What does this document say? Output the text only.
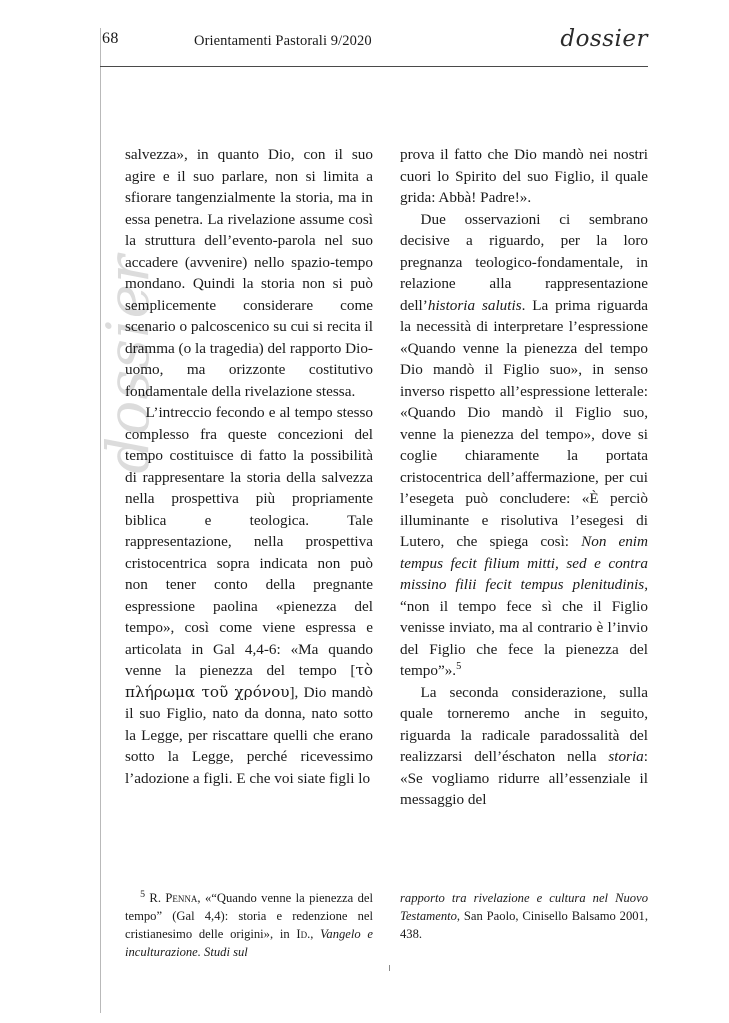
68	Orientamenti Pastorali 9/2020	dossier
dossier

salvezza», in quanto Dio, con il suo agire e il suo parlare, non si limita a sfiorare tangenzialmente la storia, ma in essa penetra. La rivelazione assume così la struttura dell’evento-parola nel suo accadere (avvenire) nello spazio-tempo mondano. Quindi la storia non si può semplicemente considerare come scenario o palcoscenico su cui si recita il dramma (o la tragedia) del rapporto Dio-uomo, ma orizzonte costitutivo fondamentale della rivelazione stessa.

L’intreccio fecondo e al tempo stesso complesso fra queste concezioni del tempo costituisce di fatto la possibilità di rappresentare la storia della salvezza nella prospettiva più propriamente biblica e teologica. Tale rappresentazione, nella prospettiva cristocentrica sopra indicata non può non tener conto della pregnante espressione paolina «pienezza del tempo», così come viene espressa e articolata in Gal 4,4-6: «Ma quando venne la pienezza del tempo [τὸ πλήρωμα τοῦ χρόνου], Dio mandò il suo Figlio, nato da donna, nato sotto la Legge, per riscattare quelli che erano sotto la Legge, perché ricevessimo l’adozione a figli. E che voi siate figli lo

prova il fatto che Dio mandò nei nostri cuori lo Spirito del suo Figlio, il quale grida: Abbà! Padre!».

Due osservazioni ci sembrano decisive a riguardo, per la loro pregnanza teologico-fondamentale, in relazione alla rappresentazione dell’historia salutis. La prima riguarda la necessità di interpretare l’espressione «Quando venne la pienezza del tempo Dio mandò il Figlio suo», in senso inverso rispetto all’espressione letterale: «Quando Dio mandò il Figlio suo, venne la pienezza del tempo», dove si coglie chiaramente la portata cristocentrica dell’affermazione, per cui l’esegeta può concludere: «È perciò illuminante e risolutiva l’esegesi di Lutero, che spiega così: Non enim tempus fecit filium mitti, sed e contra missino filii fecit tempus plenitudinis, “non il tempo fece sì che il Figlio venisse inviato, ma al contrario è l’invio del Figlio che fece la pienezza del tempo”».$^5$

La seconda considerazione, sulla quale torneremo anche in seguito, riguarda la radicale paradossalità del realizzarsi dell’éschaton nella storia: «Se vogliamo ridurre all’essenziale il messaggio del

$^5$ R. Penna, «“Quando venne la pienezza del tempo” (Gal 4,4): storia e redenzione nel cristianesimo delle origini», in Id., Vangelo e inculturazione. Studi sul

rapporto tra rivelazione e cultura nel Nuovo Testamento, San Paolo, Cinisello Balsamo 2001, 438.
